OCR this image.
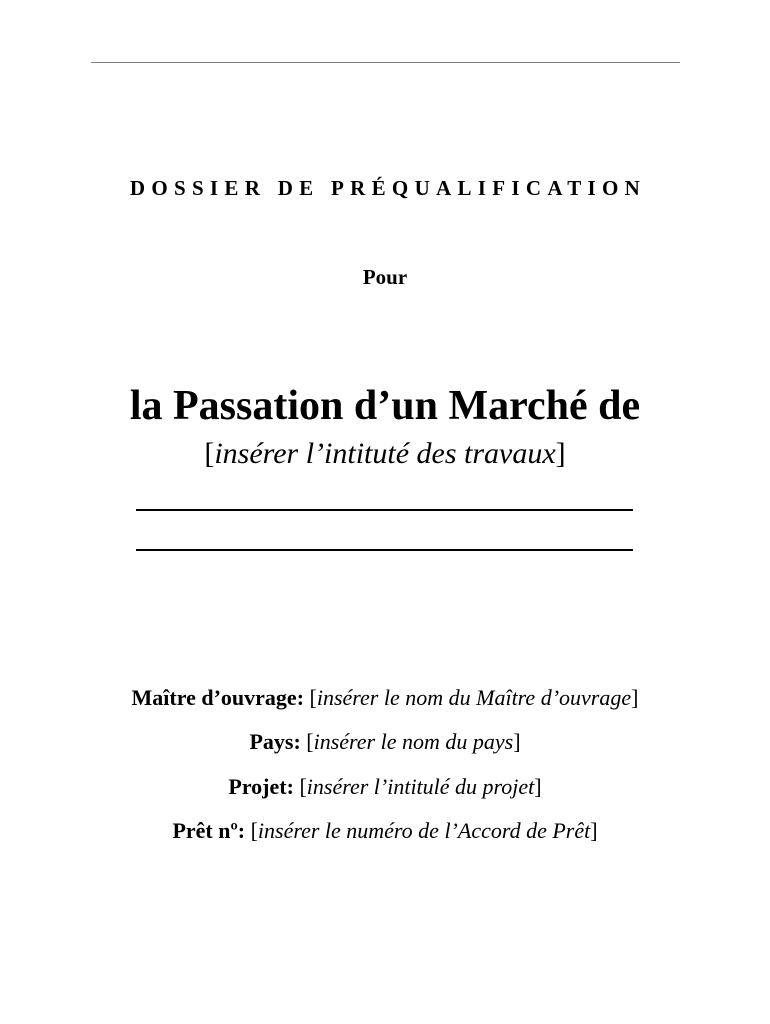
DOSSIER DE PRÉQUALIFICATION
Pour
la Passation d’un Marché de
[insérer l’intituté des travaux]
Maître d’ouvrage: [insérer le nom du Maître d’ouvrage]
Pays: [insérer le nom du pays]
Projet: [insérer l’intitulé du projet]
Prêt nº: [insérer le numéro de l’Accord de Prêt]
